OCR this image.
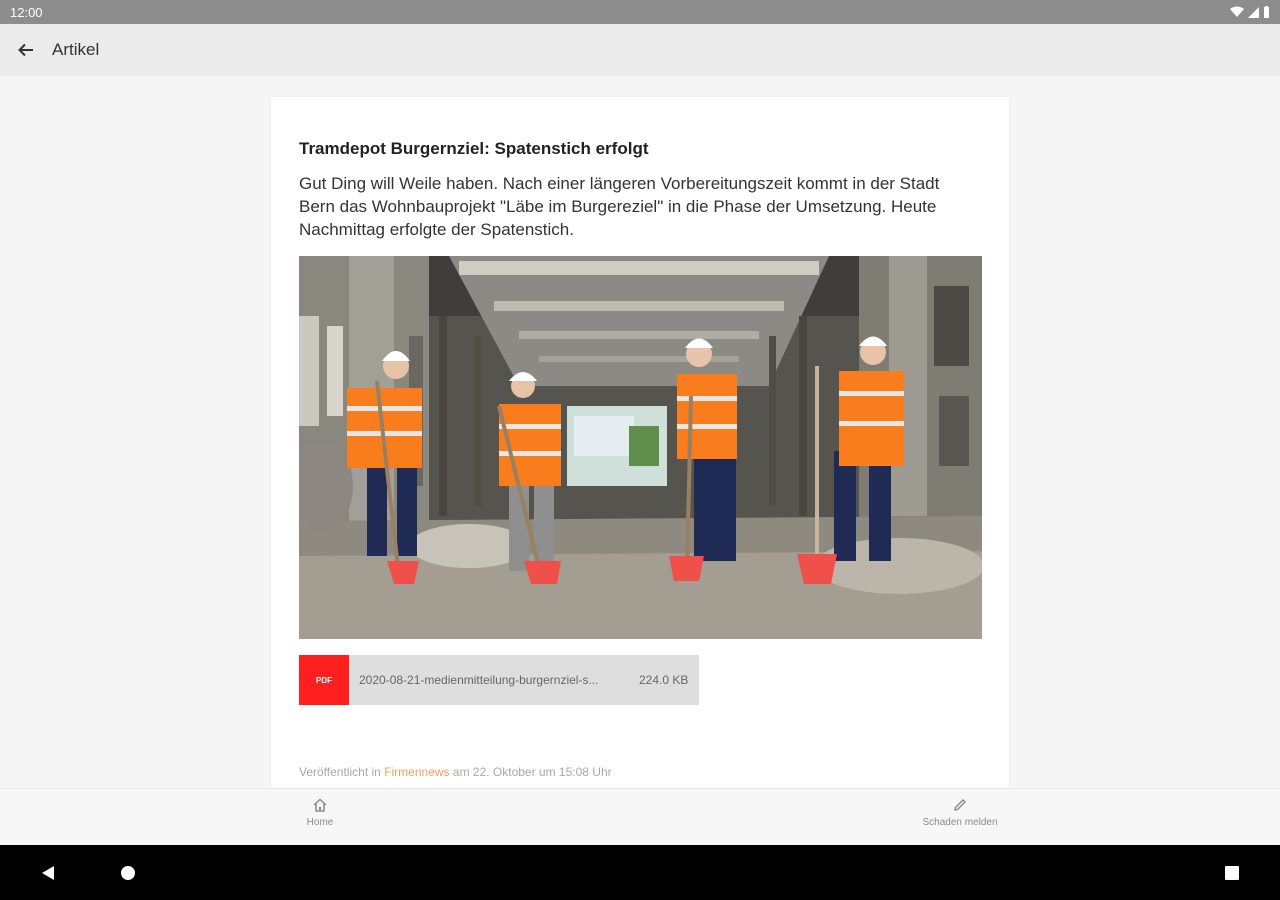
12:00
Artikel
Tramdepot Burgernziel: Spatenstich erfolgt
Gut Ding will Weile haben. Nach einer längeren Vorbereitungszeit kommt in der Stadt Bern das Wohnbauprojekt "Läbe im Burgereziel" in die Phase der Umsetzung. Heute Nachmittag erfolgte der Spatenstich.
PDF	2020-08-21-medienmitteilung-burgernziel-s...	224.0 KB
Veröffentlicht in Firmennews am 22. Oktober um 15:08 Uhr
Home	Schaden melden
